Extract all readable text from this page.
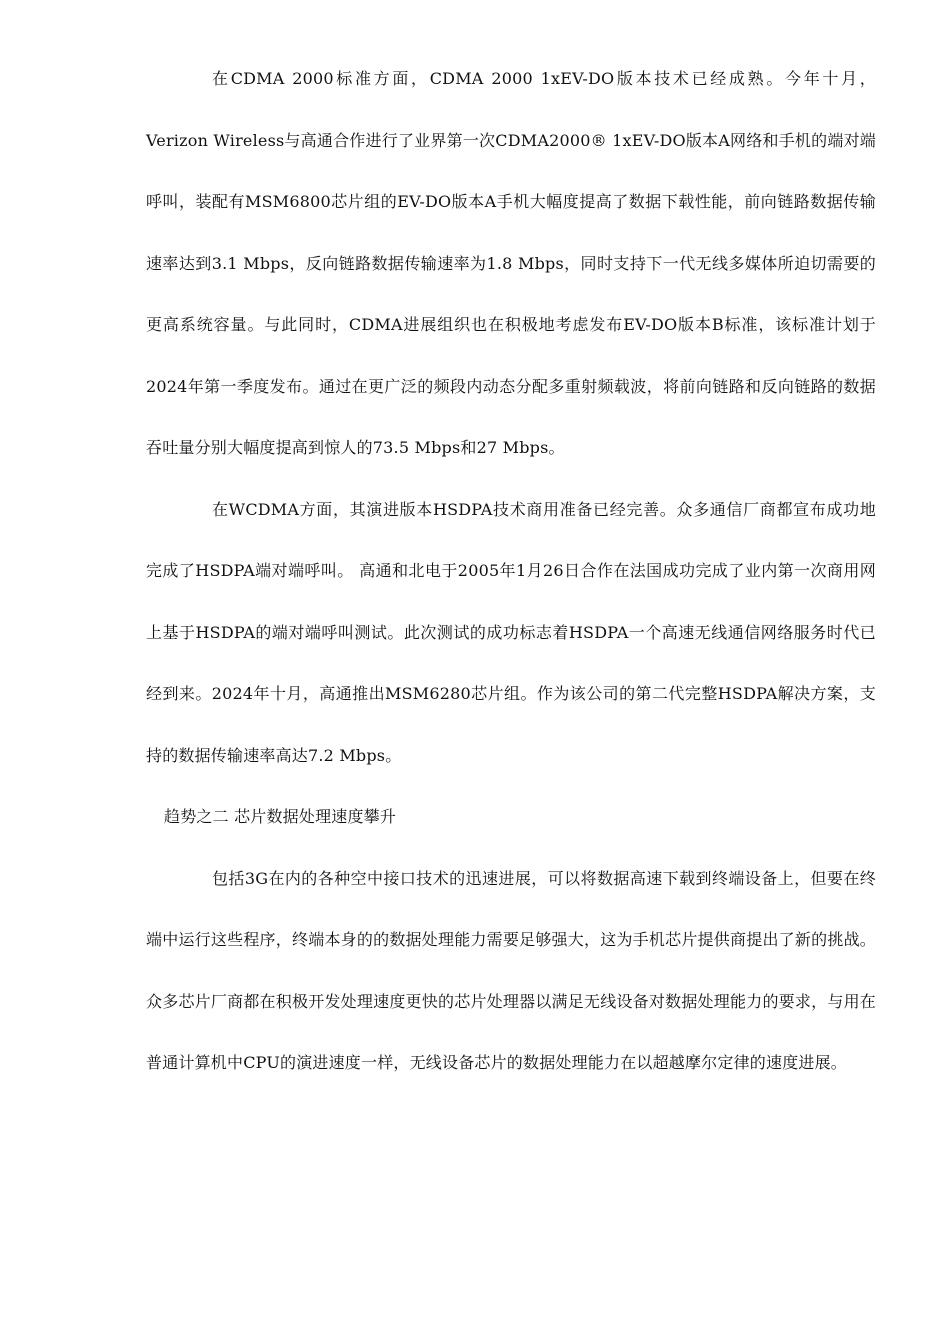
在CDMA 2000标准方面，CDMA 2000 1xEV-DO版本技术已经成熟。今年十月，Verizon Wireless与高通合作进行了业界第一次CDMA2000® 1xEV-DO版本A网络和手机的端对端呼叫，装配有MSM6800芯片组的EV-DO版本A手机大幅度提高了数据下载性能，前向链路数据传输速率达到3.1 Mbps，反向链路数据传输速率为1.8 Mbps，同时支持下一代无线多媒体所迫切需要的更高系统容量。与此同时，CDMA进展组织也在积极地考虑发布EV-DO版本B标准，该标准计划于2024年第一季度发布。通过在更广泛的频段内动态分配多重射频载波，将前向链路和反向链路的数据吞吐量分别大幅度提高到惊人的73.5 Mbps和27 Mbps。

在WCDMA方面，其演进版本HSDPA技术商用准备已经完善。众多通信厂商都宣布成功地完成了HSDPA端对端呼叫。 高通和北电于2005年1月26日合作在法国成功完成了业内第一次商用网上基于HSDPA的端对端呼叫测试。此次测试的成功标志着HSDPA一个高速无线通信网络服务时代已经到来。2024年十月，高通推出MSM6280芯片组。作为该公司的第二代完整HSDPA解决方案，支持的数据传输速率高达7.2 Mbps。

趋势之二 芯片数据处理速度攀升

包括3G在内的各种空中接口技术的迅速进展，可以将数据高速下载到终端设备上，但要在终端中运行这些程序，终端本身的的数据处理能力需要足够强大，这为手机芯片提供商提出了新的挑战。众多芯片厂商都在积极开发处理速度更快的芯片处理器以满足无线设备对数据处理能力的要求，与用在普通计算机中CPU的演进速度一样，无线设备芯片的数据处理能力在以超越摩尔定律的速度进展。
